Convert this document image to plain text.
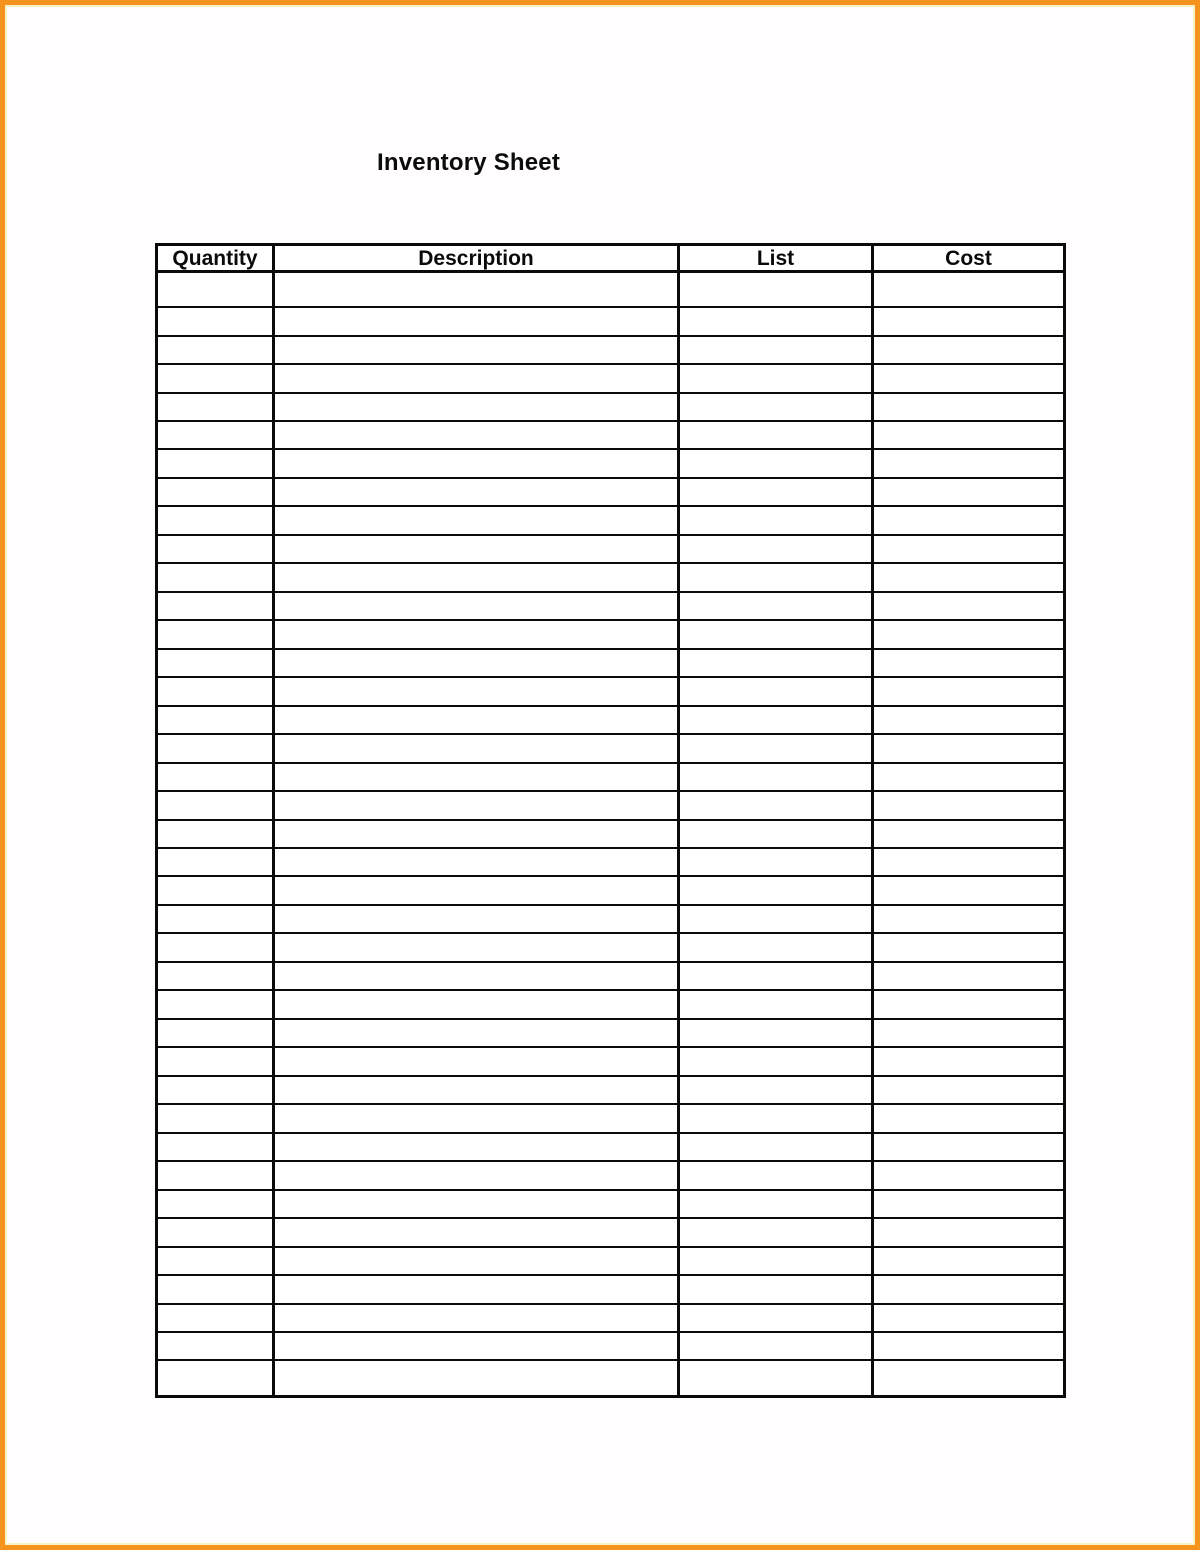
Inventory Sheet
Quantity	Description	List	Cost
